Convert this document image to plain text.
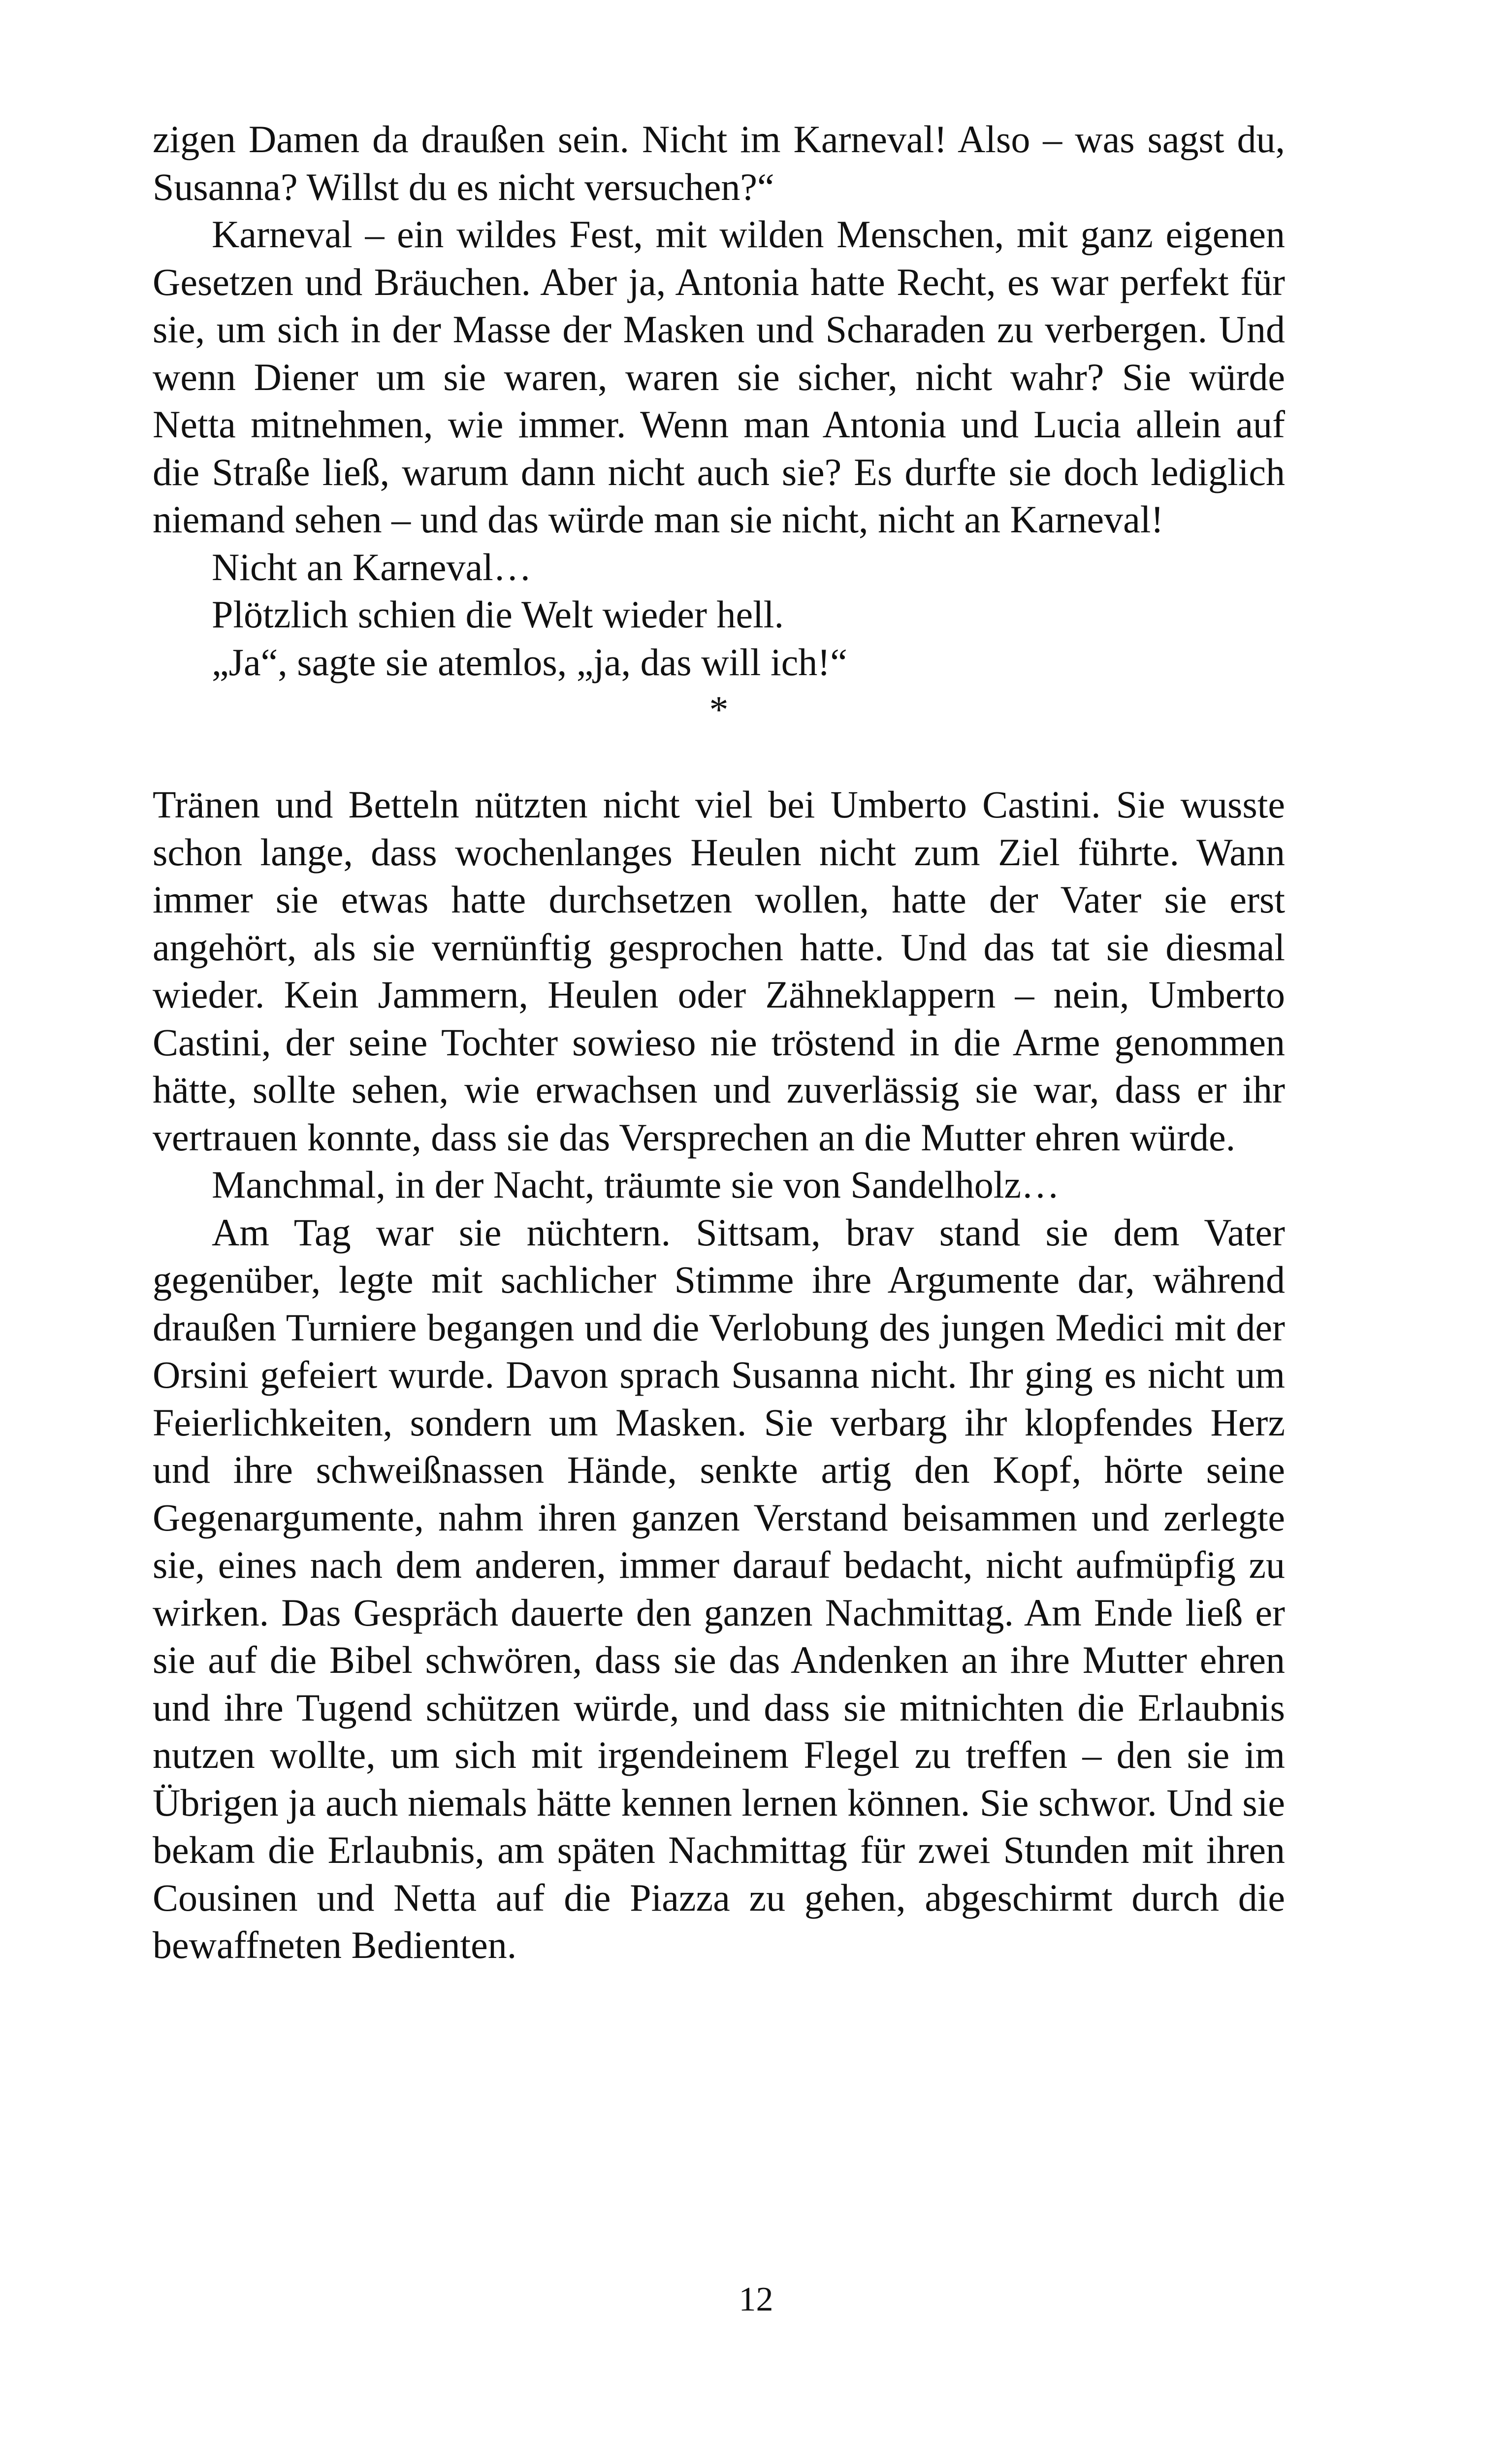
zigen Damen da draußen sein. Nicht im Karneval! Also – was sagst du, Susanna? Willst du es nicht versuchen?“

Karneval – ein wildes Fest, mit wilden Menschen, mit ganz eigenen Gesetzen und Bräuchen. Aber ja, Antonia hatte Recht, es war perfekt für sie, um sich in der Masse der Masken und Scharaden zu verbergen. Und wenn Diener um sie waren, waren sie sicher, nicht wahr? Sie würde Netta mitnehmen, wie immer. Wenn man Antonia und Lucia allein auf die Straße ließ, warum dann nicht auch sie? Es durfte sie doch lediglich niemand sehen – und das würde man sie nicht, nicht an Karneval!

Nicht an Karneval…

Plötzlich schien die Welt wieder hell.

„Ja“, sagte sie atemlos, „ja, das will ich!“

*

Tränen und Betteln nützten nicht viel bei Umberto Castini. Sie wusste schon lange, dass wochenlanges Heulen nicht zum Ziel führte. Wann immer sie etwas hatte durchsetzen wollen, hatte der Vater sie erst angehört, als sie vernünftig gesprochen hatte. Und das tat sie diesmal wieder. Kein Jammern, Heulen oder Zähneklappern – nein, Umberto Castini, der seine Tochter sowieso nie tröstend in die Arme genommen hätte, sollte sehen, wie erwachsen und zuverlässig sie war, dass er ihr vertrauen konnte, dass sie das Versprechen an die Mutter ehren würde.

Manchmal, in der Nacht, träumte sie von Sandelholz…

Am Tag war sie nüchtern. Sittsam, brav stand sie dem Vater gegenüber, legte mit sachlicher Stimme ihre Argumente dar, während draußen Turniere begangen und die Verlobung des jungen Medici mit der Orsini gefeiert wurde. Davon sprach Susanna nicht. Ihr ging es nicht um Feierlichkeiten, sondern um Masken. Sie verbarg ihr klopfendes Herz und ihre schweißnassen Hände, senkte artig den Kopf, hörte seine Gegenargumente, nahm ihren ganzen Verstand beisammen und zerlegte sie, eines nach dem anderen, immer darauf bedacht, nicht aufmüpfig zu wirken. Das Gespräch dauerte den ganzen Nachmittag. Am Ende ließ er sie auf die Bibel schwören, dass sie das Andenken an ihre Mutter ehren und ihre Tugend schützen würde, und dass sie mitnichten die Erlaubnis nutzen wollte, um sich mit irgendeinem Flegel zu treffen – den sie im Übrigen ja auch niemals hätte kennen lernen können. Sie schwor. Und sie bekam die Erlaubnis, am späten Nachmittag für zwei Stunden mit ihren Cousinen und Netta auf die Piazza zu gehen, abgeschirmt durch die bewaffneten Bedienten.

12
